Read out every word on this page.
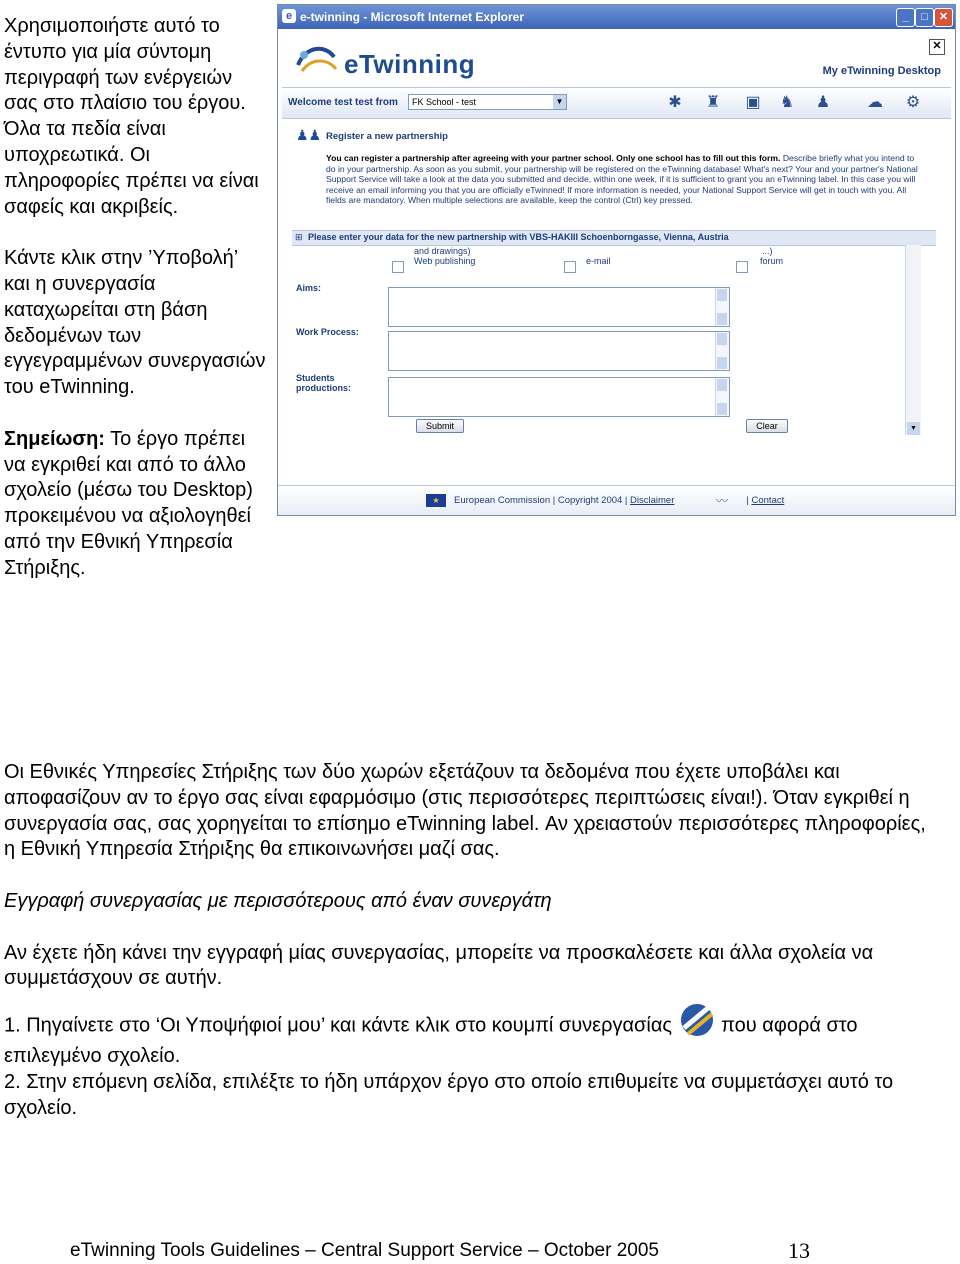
Χρησιμοποιήστε αυτό το έντυπο για μία σύντομη περιγραφή των ενέργειών σας στο πλαίσιο του έργου. Όλα τα πεδία είναι υποχρεωτικά. Οι πληροφορίες πρέπει να είναι σαφείς και ακριβείς.

Κάντε κλικ στην ’Υποβολή’ και η συνεργασία καταχωρείται στη βάση δεδομένων των εγγεγραμμένων συνεργασιών του eTwinning.

Σημείωση: Το έργο πρέπει να εγκριθεί και από το άλλο σχολείο (μέσω του Desktop) προκειμένου να αξιολογηθεί από την Εθνική Υπηρεσία Στήριξης.

e e-twinning - Microsoft Internet Explorer	_	□	✕
eTwinning
✕
My eTwinning Desktop
Welcome test test from	FK School - test	▼	✱ ♜ ▣ ♞ ♟ ☁ ⚙
♟♟ Register a new partnership
You can register a partnership after agreeing with your partner school. Only one school has to fill out this form. Describe briefly what you intend to do in your partnership. As soon as you submit, your partnership will be registered on the eTwinning database! What's next? Your and your partner's National Support Service will take a look at the data you submitted and decide, within one week, if it is sufficient to grant you an eTwinning label. In this case you will receive an email informing you that you are officially eTwinned! If more information is needed, your National Support Service will get in touch with you. All fields are mandatory. When multiple selections are available, keep the control (Ctrl) key pressed.
⊞ Please enter your data for the new partnership with VBS-HAKIII Schoenborngasse, Vienna, Austria
and drawings)	...)
Web publishing	e-mail	forum
Aims:
Work Process:
Students productions:
Submit	Clear	▼
★	European Commission | Copyright 2004 | Disclaimer	| Contact
〰

Οι Εθνικές Υπηρεσίες Στήριξης των δύο χωρών εξετάζουν τα δεδομένα που έχετε υποβάλει και αποφασίζουν αν το έργο σας είναι εφαρμόσιμο (στις περισσότερες περιπτώσεις είναι!). Όταν εγκριθεί η συνεργασία σας, σας χορηγείται το επίσημο eTwinning label. Αν χρειαστούν περισσότερες πληροφορίες, η Εθνική Υπηρεσία Στήριξης θα επικοινωνήσει μαζί σας.

Εγγραφή συνεργασίας με περισσότερους από έναν συνεργάτη

Αν έχετε ήδη κάνει την εγγραφή μίας συνεργασίας, μπορείτε να προσκαλέσετε και άλλα σχολεία να συμμετάσχουν σε αυτήν.

1. Πηγαίνετε στο ‘Οι Υποψήφιοί μου’ και κάντε κλικ στο κουμπί συνεργασίας που αφορά στο επιλεγμένο σχολείο.

2. Στην επόμενη σελίδα, επιλέξτε το ήδη υπάρχον έργο στο οποίο επιθυμείτε να συμμετάσχει αυτό το σχολείο.

eTwinning Tools Guidelines – Central Support Service – October 2005	13
